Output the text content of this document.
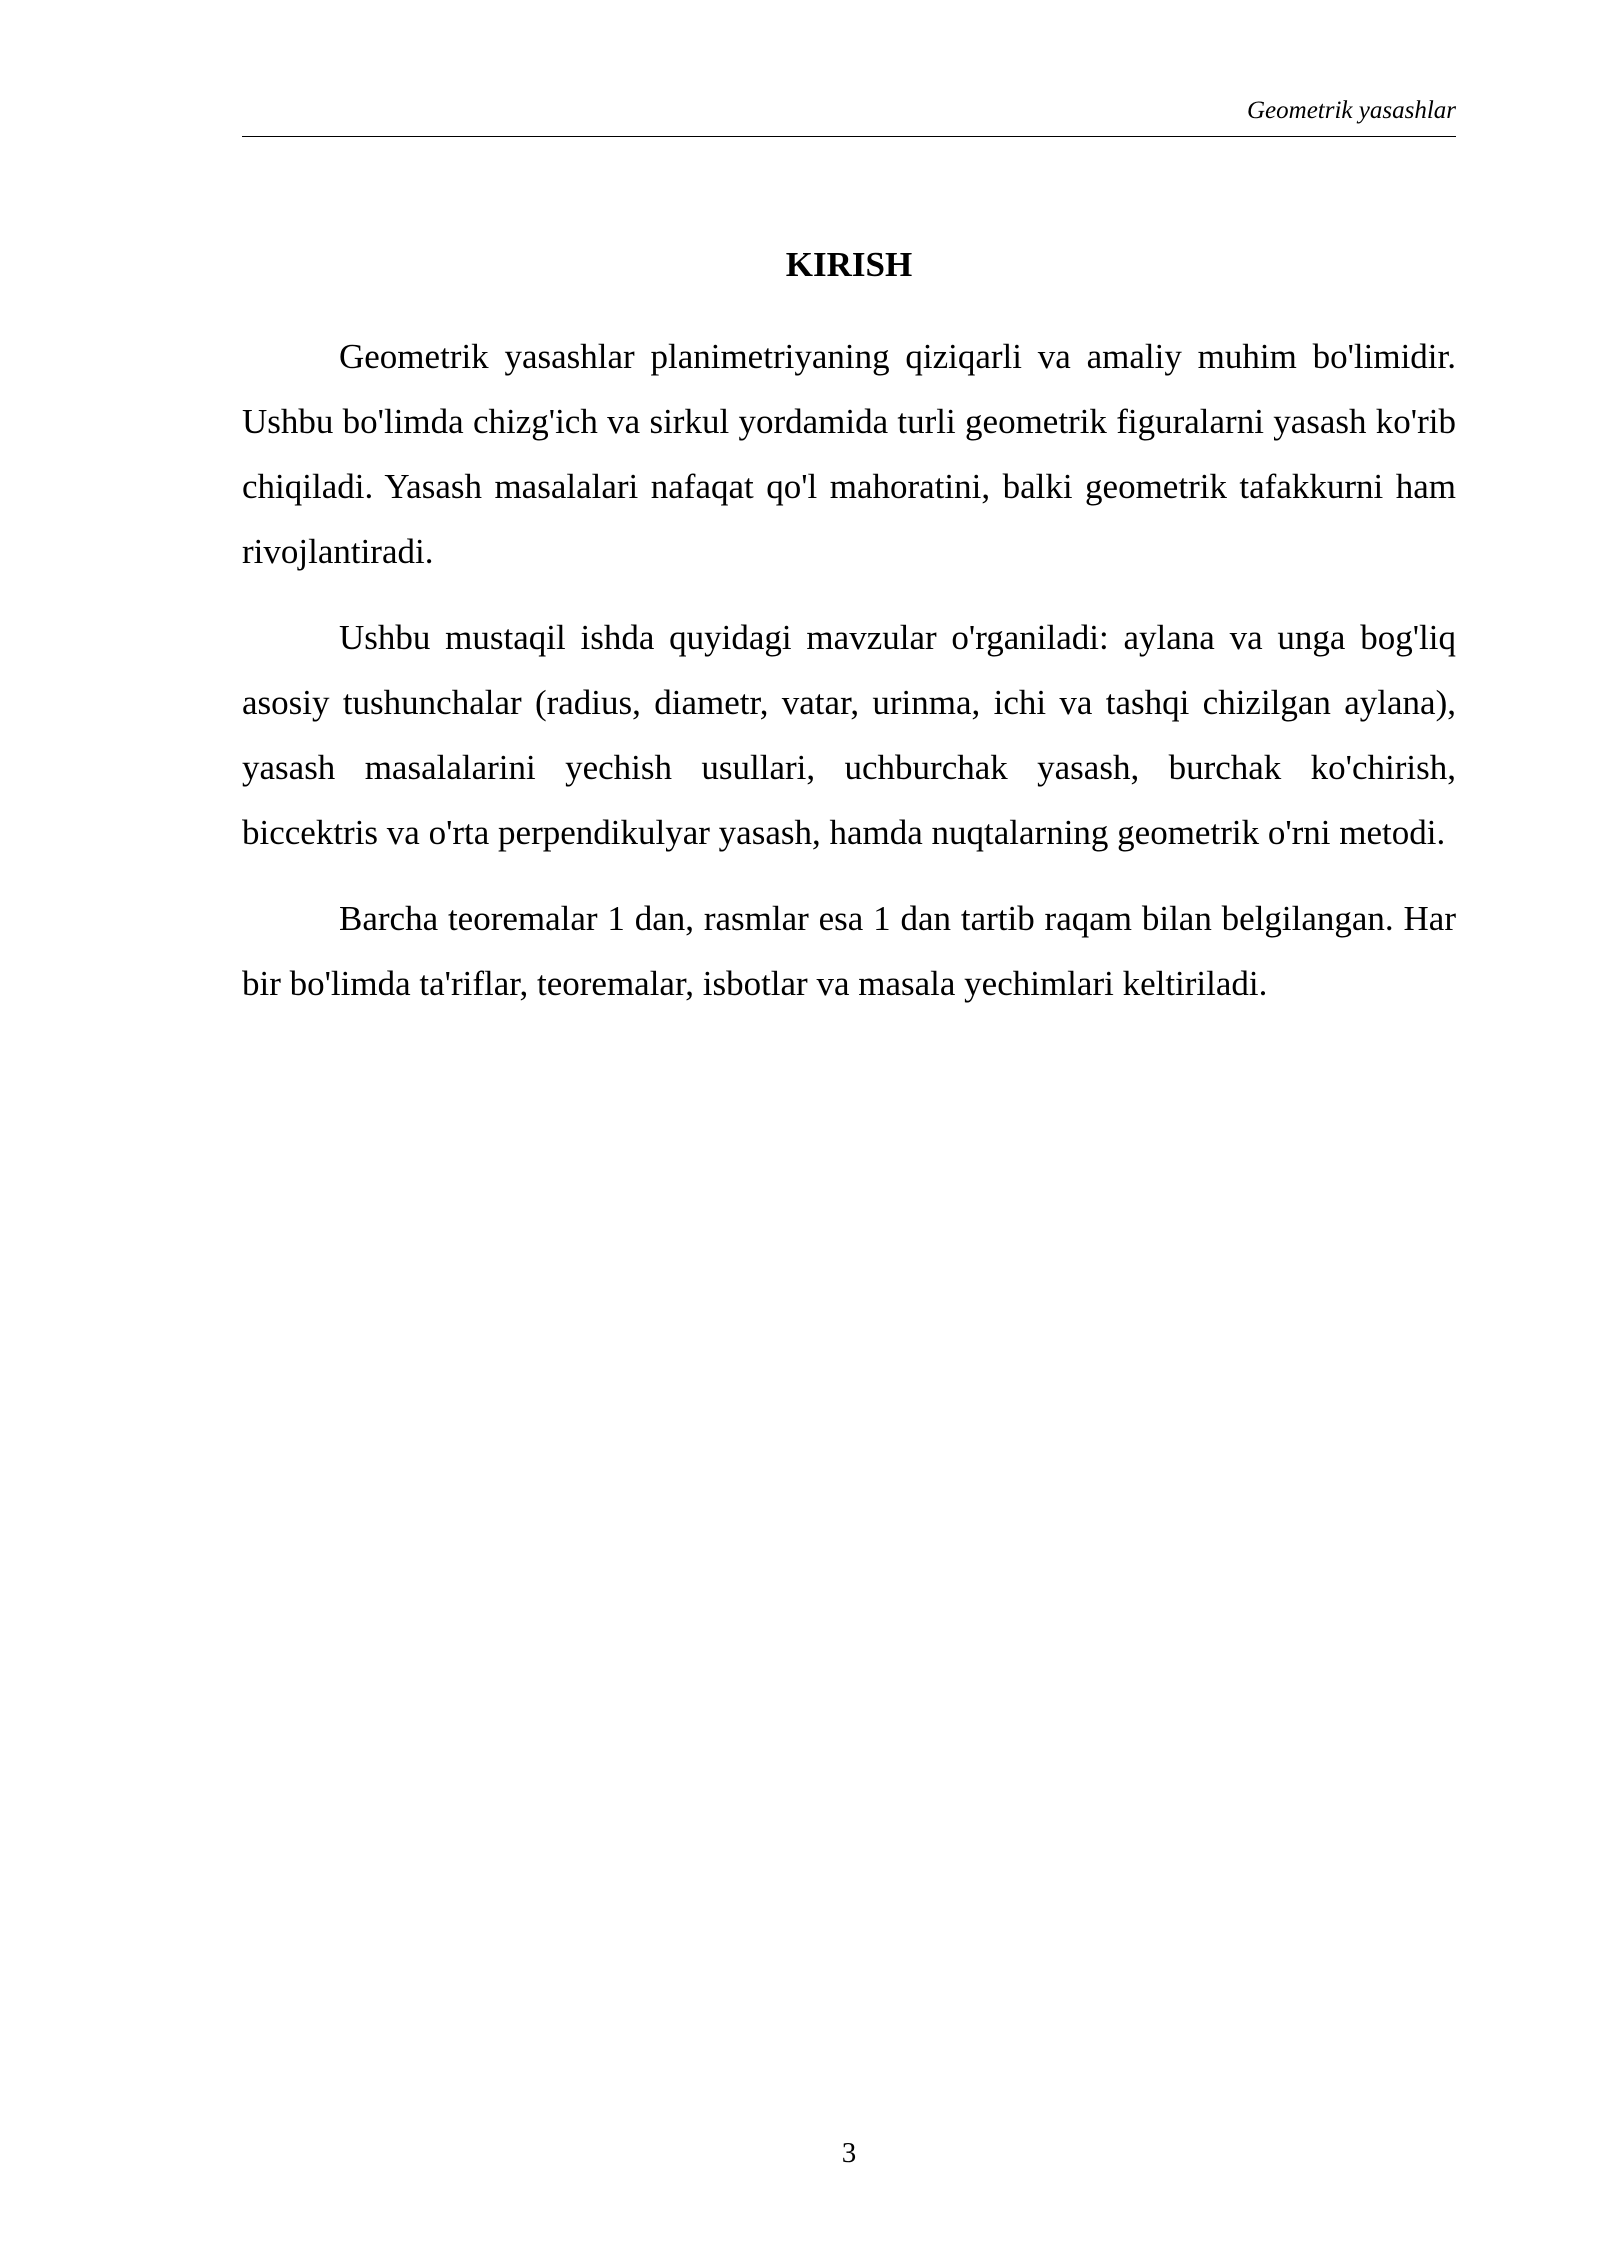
Geometrik yasashlar
KIRISH

Geometrik yasashlar planimetriyaning qiziqarli va amaliy muhim bo'limidir. Ushbu bo'limda chizg'ich va sirkul yordamida turli geometrik figuralarni yasash ko'rib chiqiladi. Yasash masalalari nafaqat qo'l mahoratini, balki geometrik tafakkurni ham rivojlantiradi.

Ushbu mustaqil ishda quyidagi mavzular o'rganiladi: aylana va unga bog'liq asosiy tushunchalar (radius, diametr, vatar, urinma, ichi va tashqi chizilgan aylana), yasash masalalarini yechish usullari, uchburchak yasash, burchak ko'chirish, biccektris va o'rta perpendikulyar yasash, hamda nuqtalarning geometrik o'rni metodi.

Barcha teoremalar 1 dan, rasmlar esa 1 dan tartib raqam bilan belgilangan. Har bir bo'limda ta'riflar, teoremalar, isbotlar va masala yechimlari keltiriladi.

3
